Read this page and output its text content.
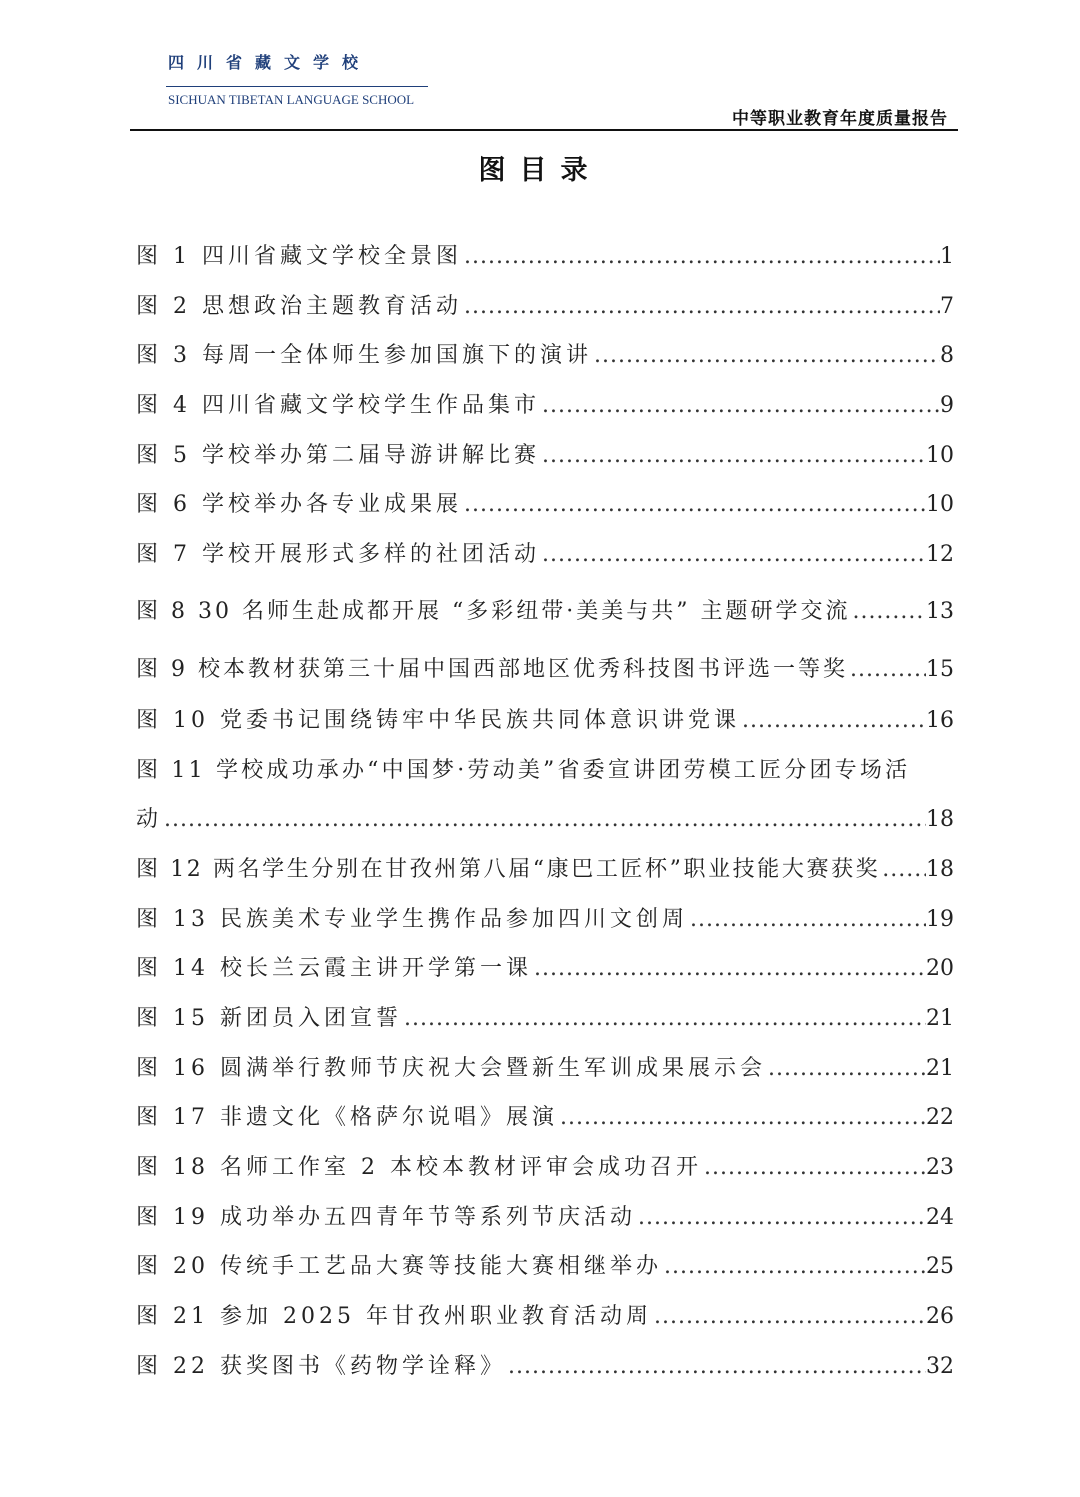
四川省藏文学校
SICHUAN TIBETAN LANGUAGE SCHOOL
中等职业教育年度质量报告
图目录
图 1 四川省藏文学校全景图 .....	1
图 2 思想政治主题教育活动 .....	7
图 3 每周一全体师生参加国旗下的演讲 .....	8
图 4 四川省藏文学校学生作品集市 .....	9
图 5 学校举办第二届导游讲解比赛 .....	10
图 6 学校举办各专业成果展 .....	10
图 7 学校开展形式多样的社团活动 .....	12
图 8 30 名师生赴成都开展 “多彩纽带·美美与共” 主题研学交流 .....	13
图 9 校本教材获第三十届中国西部地区优秀科技图书评选一等奖 .....	15
图 10 党委书记围绕铸牢中华民族共同体意识讲党课 .....	16
图 11 学校成功承办“中国梦·劳动美”省委宣讲团劳模工匠分团专场活
动 .....	18
图 12 两名学生分别在甘孜州第八届“康巴工匠杯”职业技能大赛获奖 ..... 18
图 13 民族美术专业学生携作品参加四川文创周 .....	19
图 14 校长兰云霞主讲开学第一课 .....	20
图 15 新团员入团宣誓 .....	21
图 16 圆满举行教师节庆祝大会暨新生军训成果展示会 .....	21
图 17 非遗文化《格萨尔说唱》展演 .....	22
图 18 名师工作室 2 本校本教材评审会成功召开 .....	23
图 19 成功举办五四青年节等系列节庆活动 .....	24
图 20 传统手工艺品大赛等技能大赛相继举办 .....	25
图 21 参加 2025 年甘孜州职业教育活动周 .....	26
图 22 获奖图书《药物学诠释》 .....	32
